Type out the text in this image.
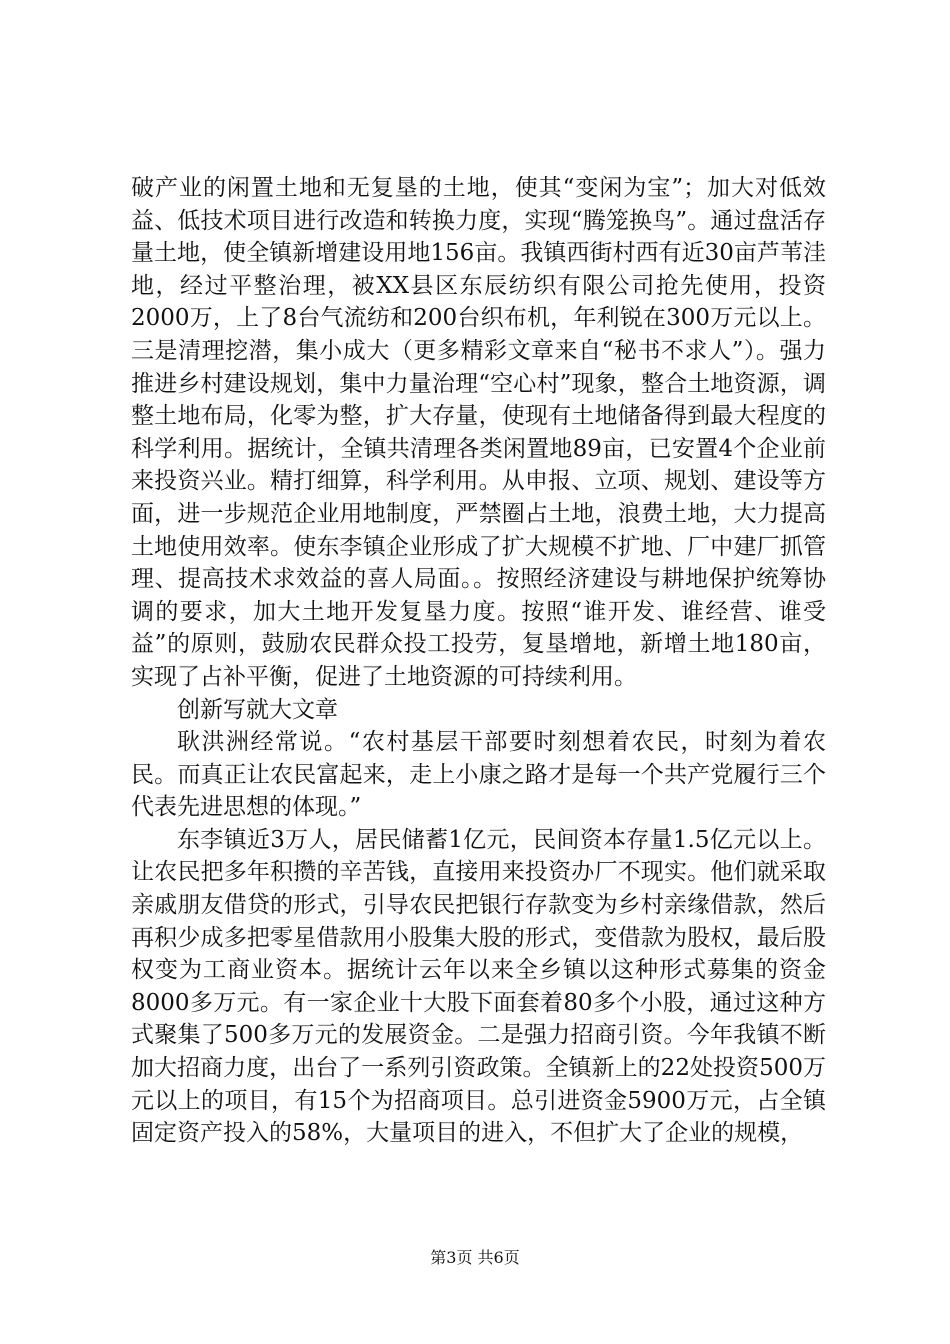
破产业的闲置土地和无复垦的土地，使其“变闲为宝”；加大对低效益、低技术项目进行改造和转换力度，实现“腾笼换鸟”。通过盘活存量土地，使全镇新增建设用地156亩。我镇西街村西有近30亩芦苇洼地，经过平整治理，被XX县区东辰纺织有限公司抢先使用，投资2000万，上了8台气流纺和200台织布机，年利锐在300万元以上。三是清理挖潜，集小成大（更多精彩文章来自“秘书不求人”）。强力推进乡村建设规划，集中力量治理“空心村”现象，整合土地资源，调整土地布局，化零为整，扩大存量，使现有土地储备得到最大程度的科学利用。据统计，全镇共清理各类闲置地89亩，已安置4个企业前来投资兴业。精打细算，科学利用。从申报、立项、规划、建设等方面，进一步规范企业用地制度，严禁圈占土地，浪费土地，大力提高土地使用效率。使东李镇企业形成了扩大规模不扩地、厂中建厂抓管理、提高技术求效益的喜人局面。。按照经济建设与耕地保护统筹协调的要求，加大土地开发复垦力度。按照“谁开发、谁经营、谁受益”的原则，鼓励农民群众投工投劳，复垦增地，新增土地180亩，实现了占补平衡，促进了土地资源的可持续利用。

创新写就大文章

耿洪洲经常说。“农村基层干部要时刻想着农民，时刻为着农民。而真正让农民富起来，走上小康之路才是每一个共产党履行三个代表先进思想的体现。”

东李镇近3万人，居民储蓄1亿元，民间资本存量1.5亿元以上。让农民把多年积攒的辛苦钱，直接用来投资办厂不现实。他们就采取亲戚朋友借贷的形式，引导农民把银行存款变为乡村亲缘借款，然后再积少成多把零星借款用小股集大股的形式，变借款为股权，最后股权变为工商业资本。据统计云年以来全乡镇以这种形式募集的资金8000多万元。有一家企业十大股下面套着80多个小股，通过这种方式聚集了500多万元的发展资金。二是强力招商引资。今年我镇不断加大招商力度，出台了一系列引资政策。全镇新上的22处投资500万元以上的项目，有15个为招商项目。总引进资金5900万元，占全镇固定资产投入的58%，大量项目的进入，不但扩大了企业的规模，

第3页 共6页
